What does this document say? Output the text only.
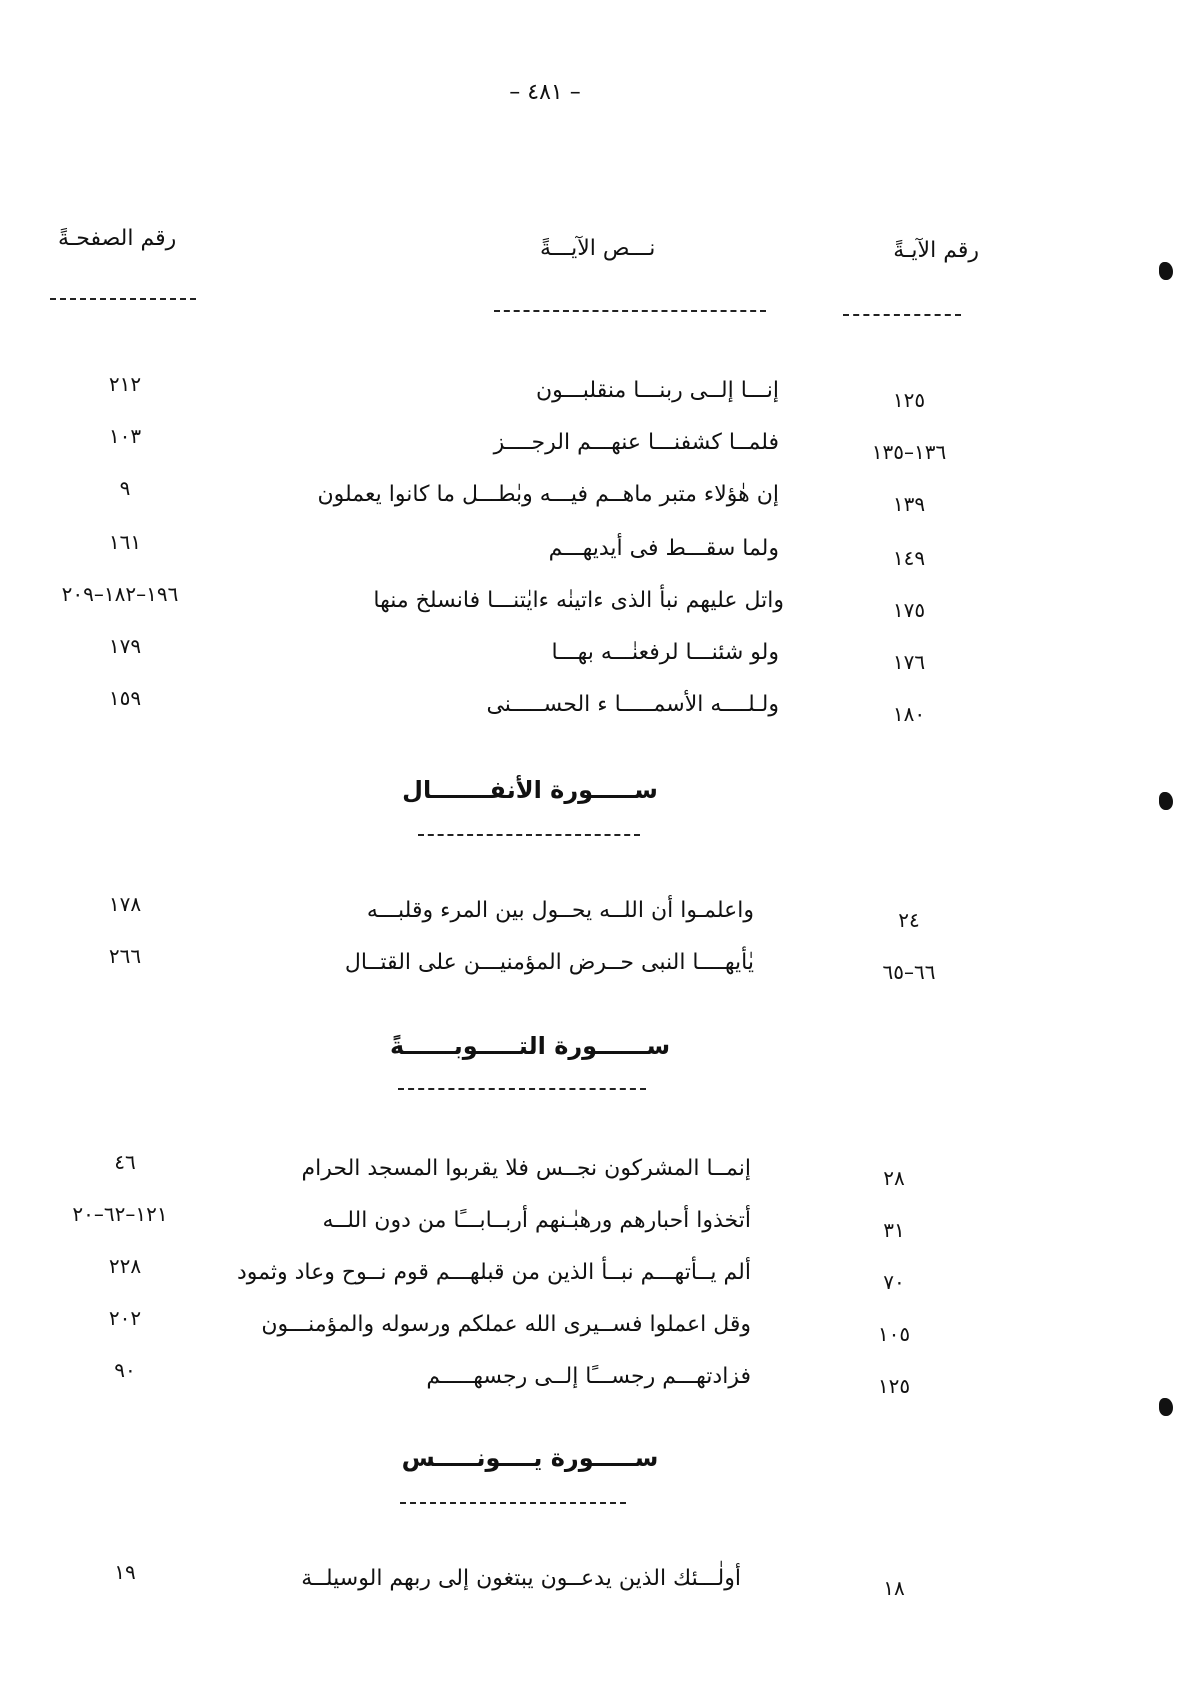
– ٤٨١ –
رقم الآيـةً
نـــص الآيـــةً
رقم الصفحـةً
١٢٥
إنـــا إلــى ربنـــا منقلبـــون
٢١٢
١٣٦–١٣٥
فلمــا كشفنـــا عنهـــم الرجــــز
١٠٣
١٣٩
إن هٰؤلاء متبر ماهــم فيـــه وبٰطـــل ما كانوا يعملون
٩
١٤٩
ولما سقـــط فى أيديهـــم
١٦١
١٧٥
واتل عليهم نبأ الذى ءاتينٰه ءايٰتنـــا فانسلخ منها
١٩٦–١٨٢–٢٠٩
١٧٦
ولو شئنـــا لرفعنٰـــه بهـــا
١٧٩
١٨٠
ولـلــــه الأسمـــــا ء الحســـــنى
١٥٩
ســـــورة الأنفـــــــال
٢٤
واعلمـوا أن اللــه يحــول بين المرء وقلبـــه
١٧٨
٦٦–٦٥
يٰأيهــــا النبى حــرض المؤمنيـــن على القتــال
٢٦٦
ســــــورة التـــــوبــــــةً
٢٨
إنمــا المشركون نجــس فلا يقربوا المسجد الحرام
٤٦
٣١
أتخذوا أحبارهم ورهبٰـنهم أربــابـــًا من دون اللــه
١٢١–٦٢–٢٠
٧٠
ألم يــأتهـــم نبــأ الذين من قبلهـــم قوم نــوح وعاد وثمود
٢٢٨
١٠٥
وقل اعملوا فســيرى الله عملكم ورسوله والمؤمنـــون
٢٠٢
١٢٥
فزادتهـــم رجســـًا إلــى رجسهـــــم
٩٠
ســـــورة يــــونـــــس
١٨
أولٰـــئك الذين يدعــون يبتغون إلى ربهم الوسيلــة
١٩
